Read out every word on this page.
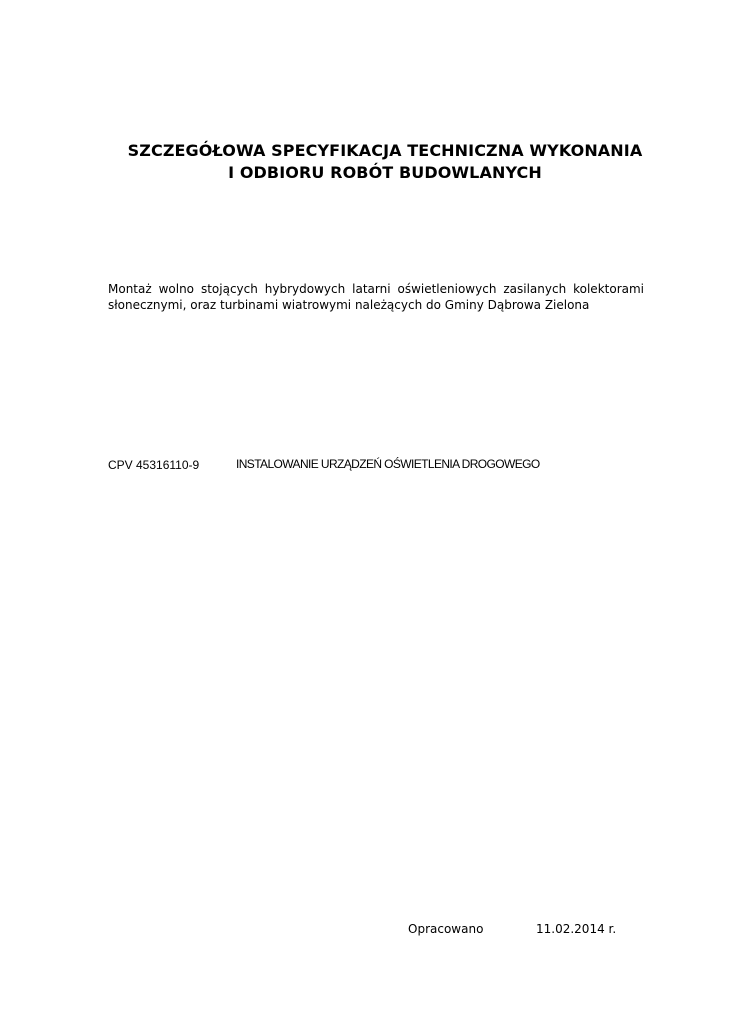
SZCZEGÓŁOWA SPECYFIKACJA TECHNICZNA WYKONANIA
I ODBIORU ROBÓT BUDOWLANYCH
Montaż wolno stojących hybrydowych latarni oświetleniowych zasilanych kolektorami
słonecznymi, oraz turbinami wiatrowymi należących do Gminy Dąbrowa Zielona
CPV 45316110-9	INSTALOWANIE URZĄDZEŃ OŚWIETLENIA DROGOWEGO
Opracowano	11.02.2014 r.
